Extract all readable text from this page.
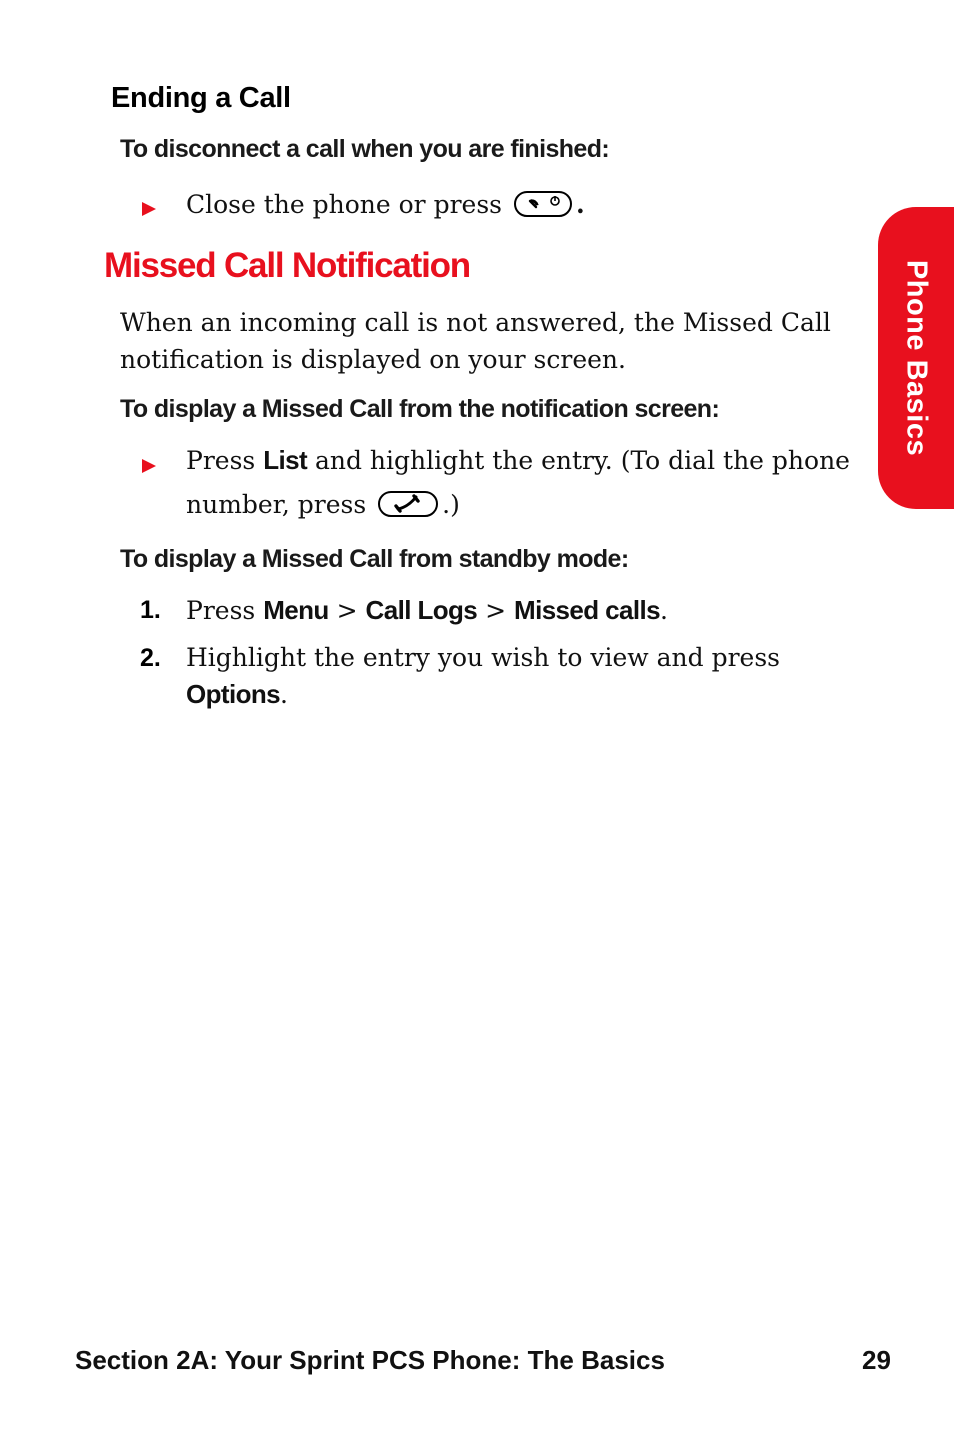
Ending a Call
To disconnect a call when you are finished:
Close the phone or press	.
Missed Call Notification
When an incoming call is not answered, the Missed Call
notification is displayed on your screen.
To display a Missed Call from the notification screen:
Press List and highlight the entry. (To dial the phone
number, press	.)
To display a Missed Call from standby mode:
1. Press Menu > Call Logs > Missed calls.
2. Highlight the entry you wish to view and press
Options.
Phone Basics
Section 2A: Your Sprint PCS Phone: The Basics	29
